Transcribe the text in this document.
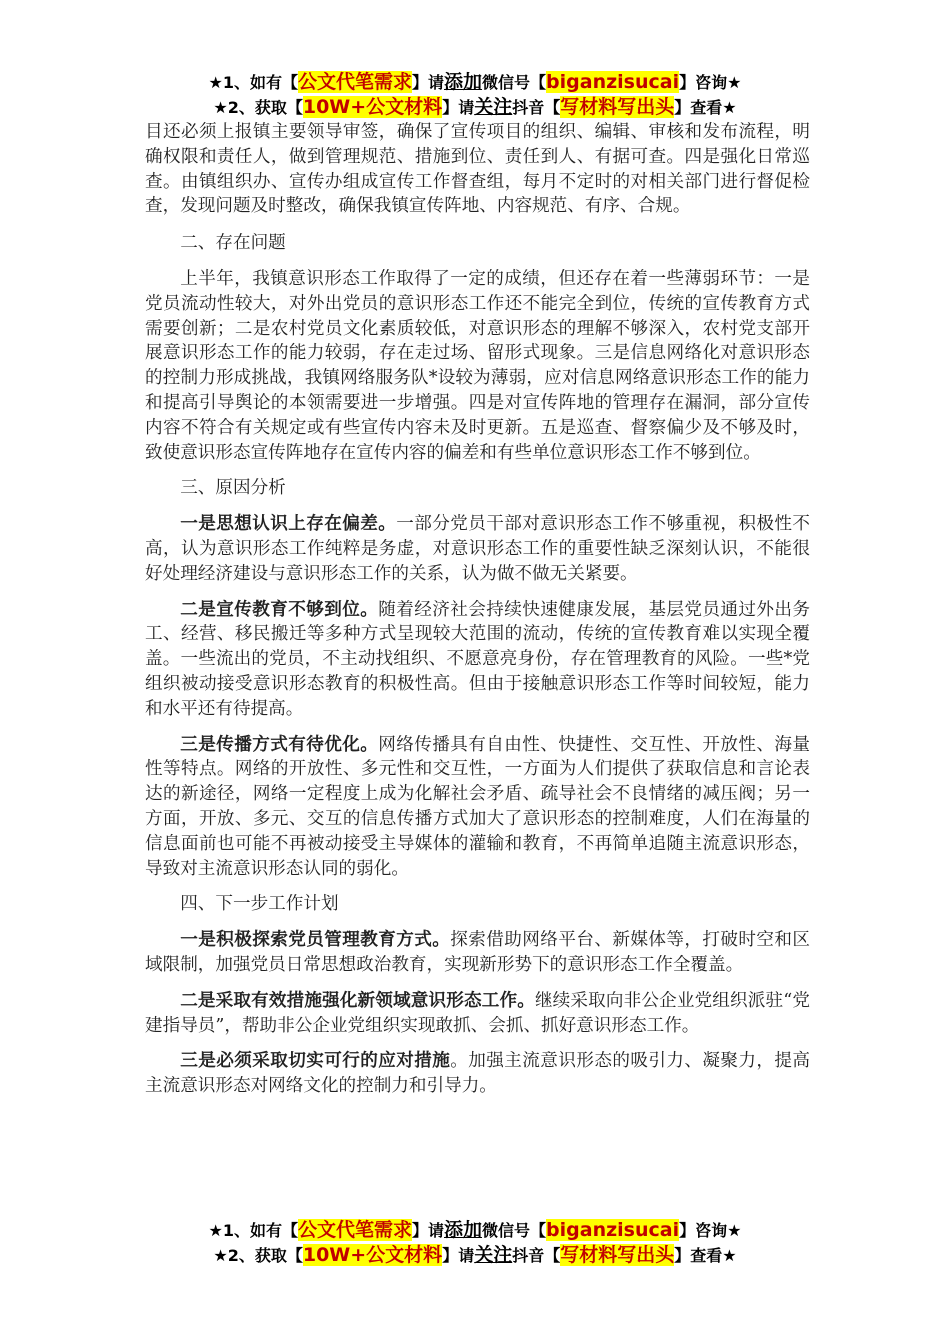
★1、如有【公文代笔需求】请添加微信号【biganzisucai】咨询★
★2、获取【10W+公文材料】请关注抖音【写材料写出头】查看★

目还必须上报镇主要领导审签，确保了宣传项目的组织、编辑、审核和发布流程，明确权限和责任人，做到管理规范、措施到位、责任到人、有据可查。四是强化日常巡查。由镇组织办、宣传办组成宣传工作督查组，每月不定时的对相关部门进行督促检查，发现问题及时整改，确保我镇宣传阵地、内容规范、有序、合规。

二、存在问题

上半年，我镇意识形态工作取得了一定的成绩，但还存在着一些薄弱环节：一是党员流动性较大，对外出党员的意识形态工作还不能完全到位，传统的宣传教育方式需要创新；二是农村党员文化素质较低，对意识形态的理解不够深入，农村党支部开展意识形态工作的能力较弱，存在走过场、留形式现象。三是信息网络化对意识形态的控制力形成挑战，我镇网络服务队*设较为薄弱，应对信息网络意识形态工作的能力和提高引导舆论的本领需要进一步增强。四是对宣传阵地的管理存在漏洞，部分宣传内容不符合有关规定或有些宣传内容未及时更新。五是巡查、督察偏少及不够及时，致使意识形态宣传阵地存在宣传内容的偏差和有些单位意识形态工作不够到位。

三、原因分析

一是思想认识上存在偏差。一部分党员干部对意识形态工作不够重视，积极性不高，认为意识形态工作纯粹是务虚，对意识形态工作的重要性缺乏深刻认识，不能很好处理经济建设与意识形态工作的关系，认为做不做无关紧要。

二是宣传教育不够到位。随着经济社会持续快速健康发展，基层党员通过外出务工、经营、移民搬迁等多种方式呈现较大范围的流动，传统的宣传教育难以实现全覆盖。一些流出的党员，不主动找组织、不愿意亮身份，存在管理教育的风险。一些*党组织被动接受意识形态教育的积极性高。但由于接触意识形态工作等时间较短，能力和水平还有待提高。

三是传播方式有待优化。网络传播具有自由性、快捷性、交互性、开放性、海量性等特点。网络的开放性、多元性和交互性，一方面为人们提供了获取信息和言论表达的新途径，网络一定程度上成为化解社会矛盾、疏导社会不良情绪的减压阀；另一方面，开放、多元、交互的信息传播方式加大了意识形态的控制难度，人们在海量的信息面前也可能不再被动接受主导媒体的灌输和教育，不再简单追随主流意识形态，导致对主流意识形态认同的弱化。

四、下一步工作计划

一是积极探索党员管理教育方式。探索借助网络平台、新媒体等，打破时空和区域限制，加强党员日常思想政治教育，实现新形势下的意识形态工作全覆盖。

二是采取有效措施强化新领域意识形态工作。继续采取向非公企业党组织派驻“党建指导员”，帮助非公企业党组织实现敢抓、会抓、抓好意识形态工作。

三是必须采取切实可行的应对措施。加强主流意识形态的吸引力、凝聚力，提高主流意识形态对网络文化的控制力和引导力。

★1、如有【公文代笔需求】请添加微信号【biganzisucai】咨询★
★2、获取【10W+公文材料】请关注抖音【写材料写出头】查看★
